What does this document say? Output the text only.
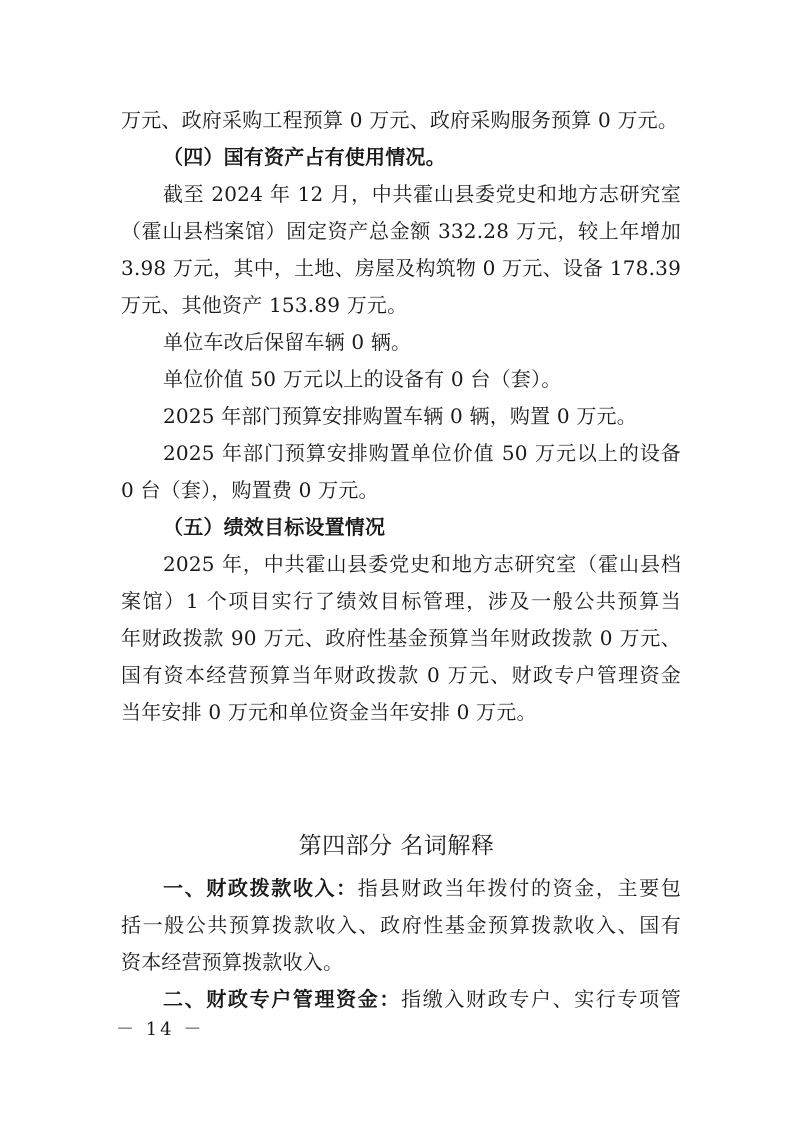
万元、政府采购工程预算 0 万元、政府采购服务预算 0 万元。
（四）国有资产占有使用情况。
截至 2024 年 12 月，中共霍山县委党史和地方志研究室
（霍山县档案馆）固定资产总金额 332.28 万元，较上年增加
3.98 万元，其中，土地、房屋及构筑物 0 万元、设备 178.39
万元、其他资产 153.89 万元。
单位车改后保留车辆 0 辆。
单位价值 50 万元以上的设备有 0 台（套）。
2025 年部门预算安排购置车辆 0 辆，购置 0 万元。
2025 年部门预算安排购置单位价值 50 万元以上的设备
0 台（套），购置费 0 万元。
（五）绩效目标设置情况
2025 年，中共霍山县委党史和地方志研究室（霍山县档
案馆）1 个项目实行了绩效目标管理，涉及一般公共预算当
年财政拨款 90 万元、政府性基金预算当年财政拨款 0 万元、
国有资本经营预算当年财政拨款 0 万元、财政专户管理资金
当年安排 0 万元和单位资金当年安排 0 万元。
第四部分 名词解释
一、财政拨款收入：指县财政当年拨付的资金，主要包
括一般公共预算拨款收入、政府性基金预算拨款收入、国有
资本经营预算拨款收入。
二、财政专户管理资金：指缴入财政专户、实行专项管
－ 14 －
